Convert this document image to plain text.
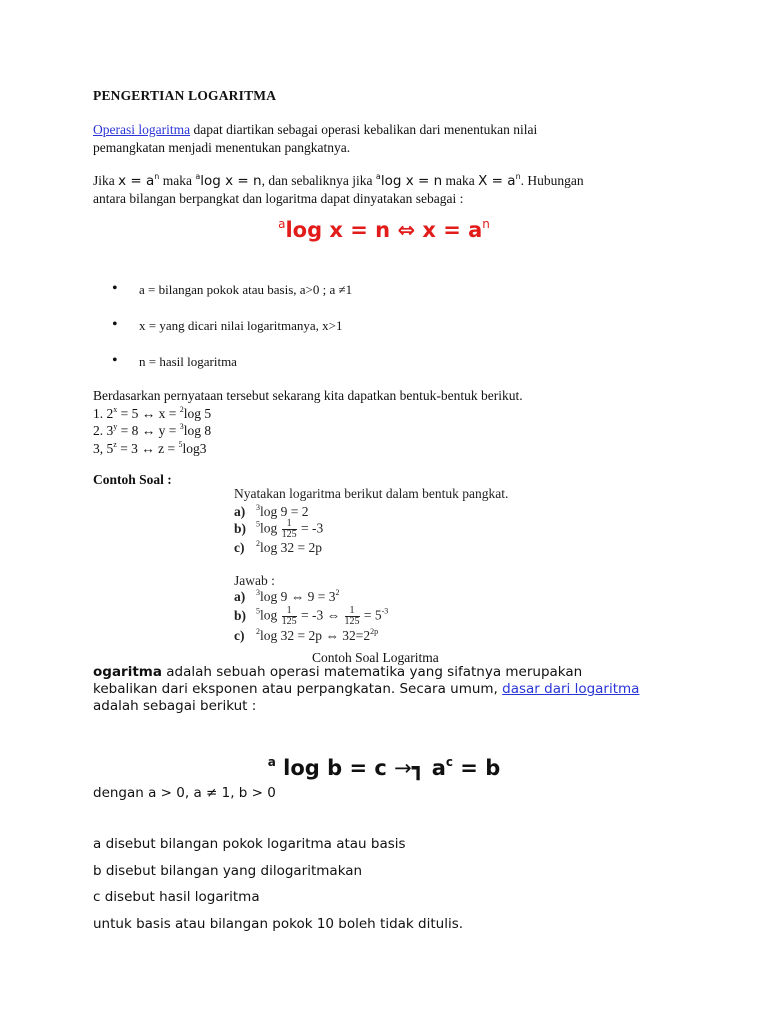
PENGERTIAN LOGARITMA
Operasi logaritma dapat diartikan sebagai operasi kebalikan dari menentukan nilai
pemangkatan menjadi menentukan pangkatnya.
Jika $x = a^n$ maka $^a$log x = n, dan sebaliknya jika $^a$log x = n maka $X = a^n$. Hubungan
antara bilangan berpangkat dan logaritma dapat dinyatakan sebagai :
$^a$log x = n ⇔ $x = a^n$
• a = bilangan pokok atau basis, a>0 ; a ≠1
• x = yang dicari nilai logaritmanya, x>1
• n = hasil logaritma
Berdasarkan pernyataan tersebut sekarang kita dapatkan bentuk-bentuk berikut.
1. $2^x = 5$ ↔ x = $^2$log 5
2. $3^y = 8$ ↔ y = $^3$log 8
3, $5^z = 3$ ↔ z = $^5$log3
Contoh Soal :
Nyatakan logaritma berikut dalam bentuk pangkat.
a) $^3$log 9 = 2
b) $^5\log \frac{1}{125} = -3$
c) $^2$log 32 = 2p
Jawab :
a) $^3$log 9 ⇔ $9 = 3^2$
b) $^5\log \frac{1}{125} = -3$ ⇔ $\frac{1}{125} = 5^{-3}$
c) $^2$log 32 = 2p ⇔ $32=2^{2p}$
Contoh Soal Logaritma
ogaritma adalah sebuah operasi matematika yang sifatnya merupakan
kebalikan dari eksponen atau perpangkatan. Secara umum, dasar dari logaritma
adalah sebagai berikut :
$^a$ log b = c →┓ $a^c = b$
dengan a > 0, a ≠ 1, b > 0
a disebut bilangan pokok logaritma atau basis
b disebut bilangan yang dilogaritmakan
c disebut hasil logaritma
untuk basis atau bilangan pokok 10 boleh tidak ditulis.
